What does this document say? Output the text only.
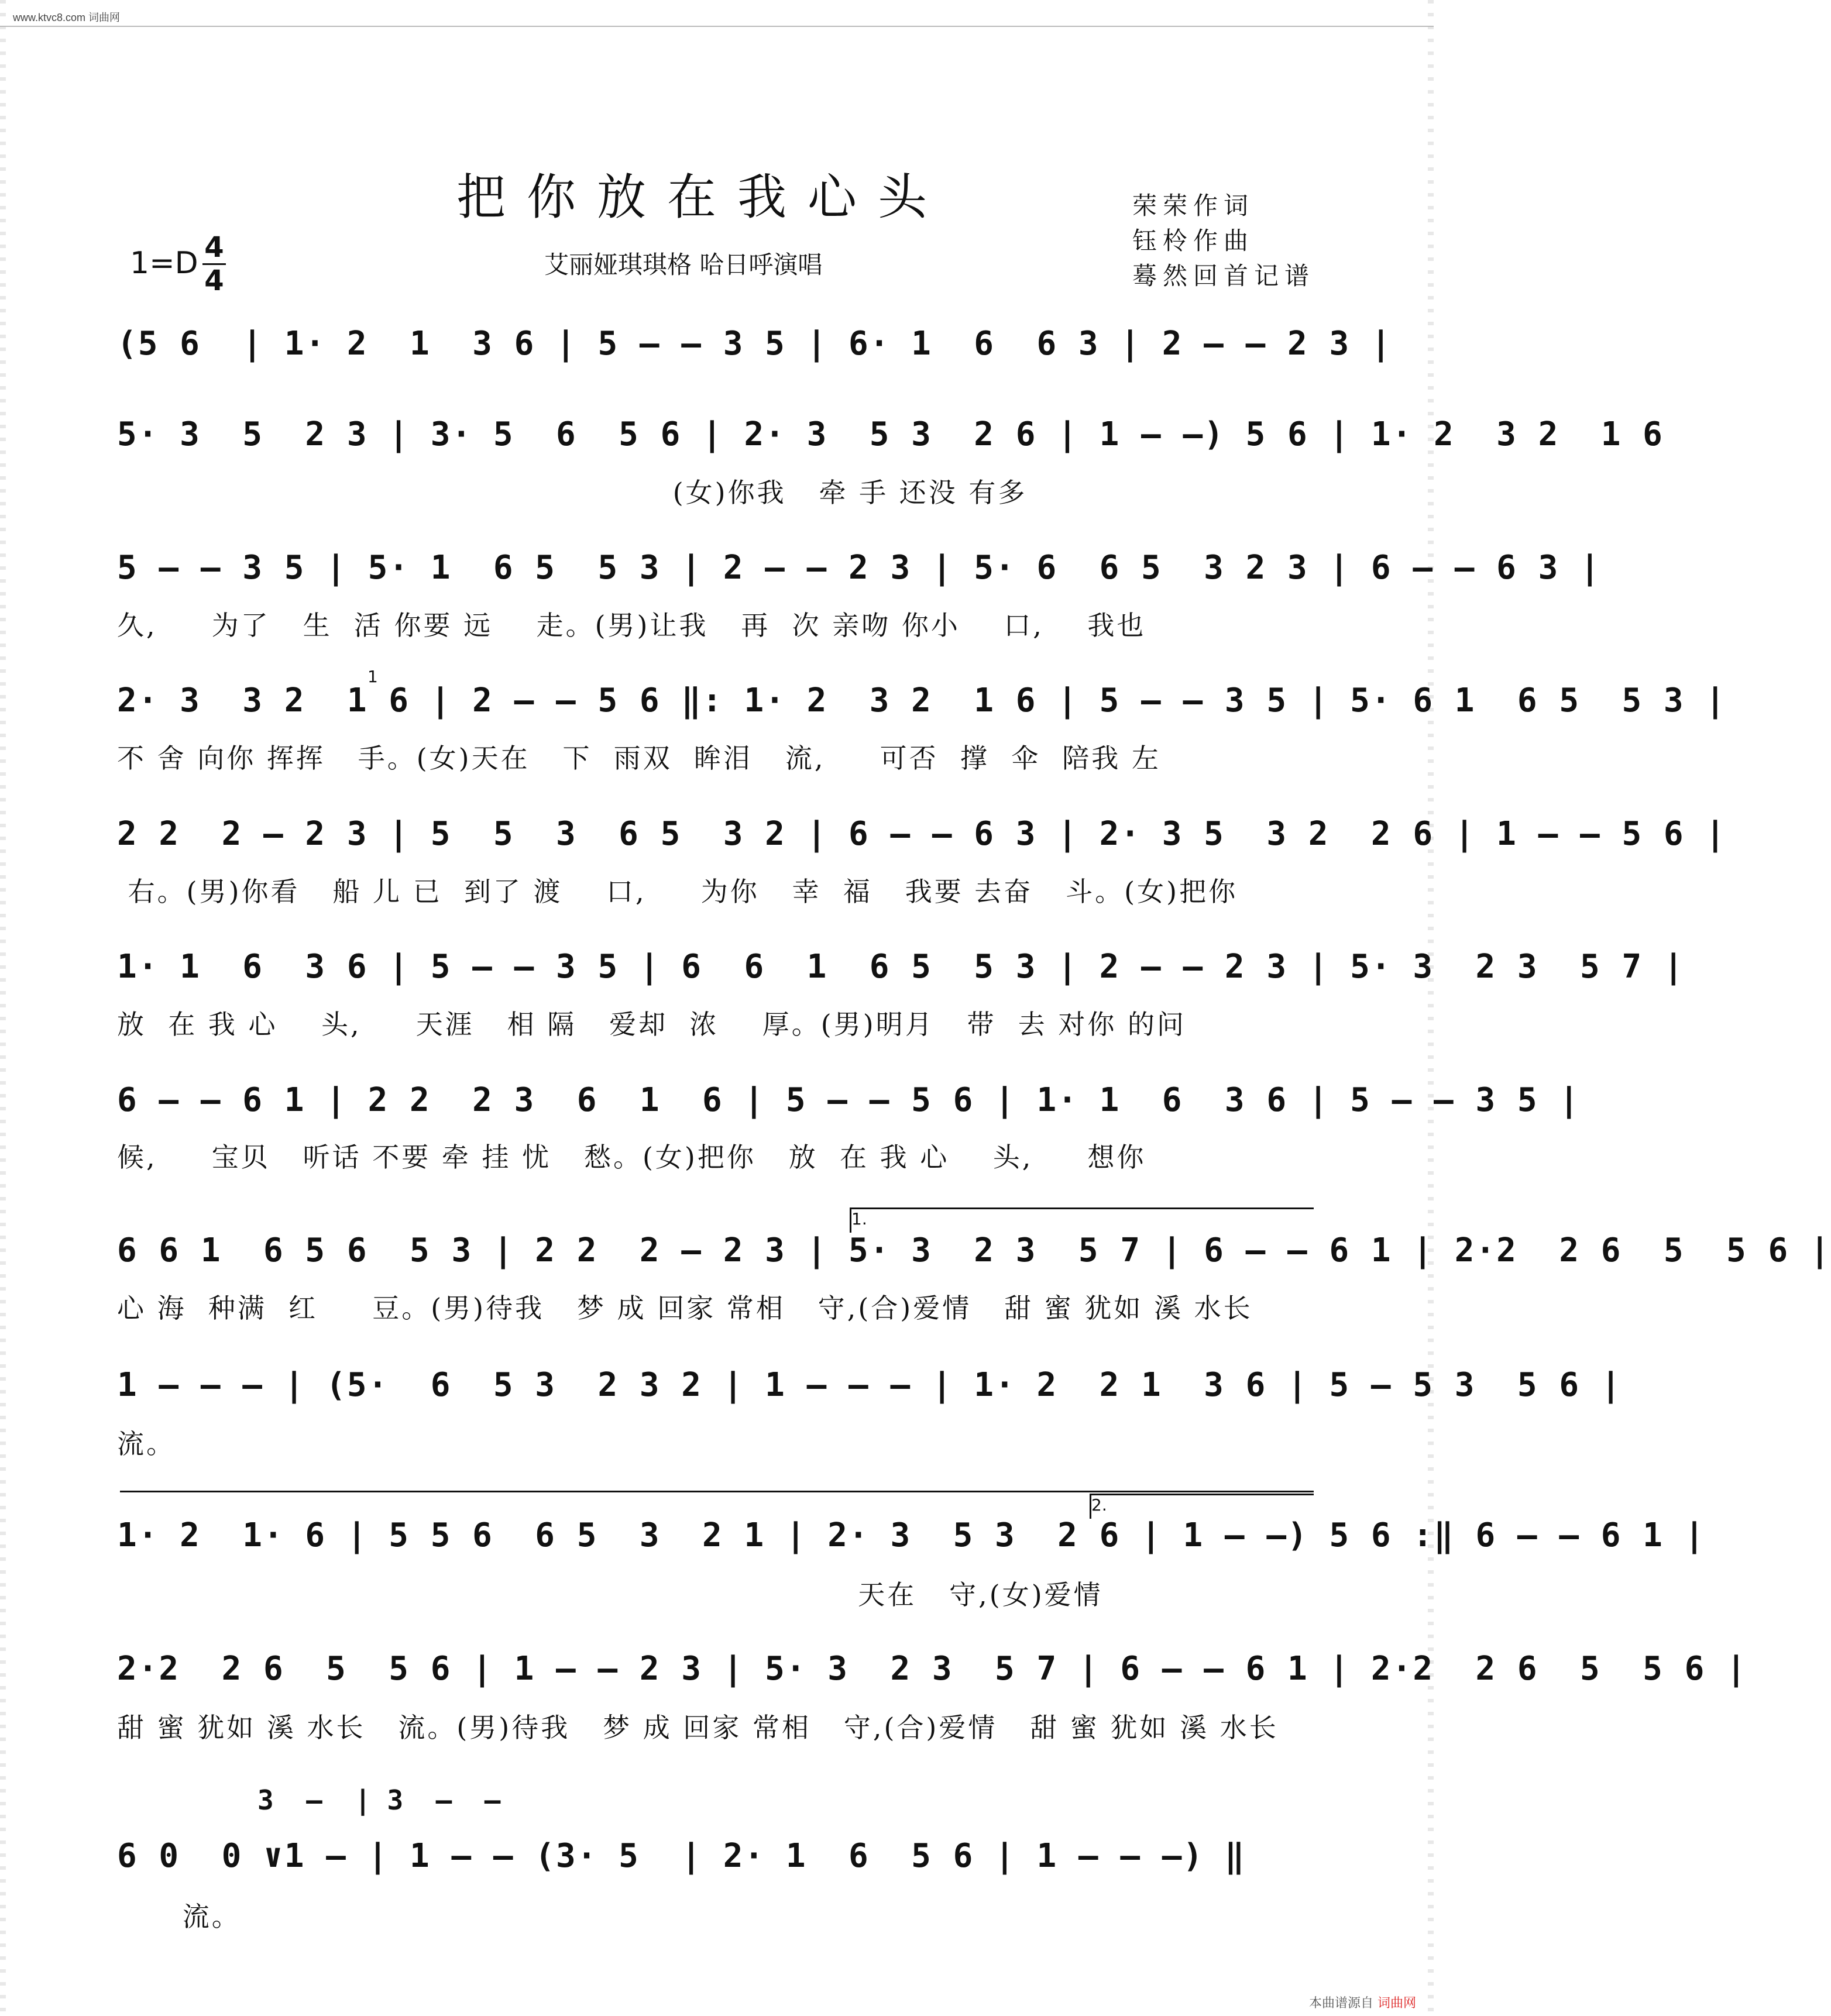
www.ktvc8.com 词曲网
把你放在我心头	荣荣作词
钰柃作曲
蓦然回首记谱
1=D 4
4	艾丽娅琪琪格 哈日呼演唱
(5 6  | 1· 2  1  3 6 | 5 – – 3 5 | 6· 1  6  6 3 | 2 – – 2 3 |
5· 3  5  2 3 | 3· 5  6  5 6 | 2· 3  5 3  2 6 | 1 – –) 5 6 | 1· 2  3 2  1 6
(女)你我   牵 手 还没 有多
5 – – 3 5 | 5· 1  6 5  5 3 | 2 – – 2 3 | 5· 6  6 5  3 2 3 | 6 – – 6 3 |
久,     为了   生  活 你要 远    走。(男)让我   再  次 亲吻 你小    口,    我也
2· 3  3 2  1 6 | 2 – – 5 6 ‖: 1· 2  3 2  1 6 | 5 – – 3 5 | 5· 6 1  6 5  5 3 |
不 舍 向你 挥挥   手。(女)天在   下  雨双  眸泪   流,     可否  撑  伞  陪我 左
1
2 2  2 – 2 3 | 5  5  3  6 5  3 2 | 6 – – 6 3 | 2· 3 5  3 2  2 6 | 1 – – 5 6 |
右。(男)你看   船 儿 已  到了 渡    口,     为你   幸  福   我要 去奋   斗。(女)把你
1· 1  6  3 6 | 5 – – 3 5 | 6  6  1  6 5  5 3 | 2 – – 2 3 | 5· 3  2 3  5 7 |
放  在 我 心    头,     天涯   相 隔   爱却  浓    厚。(男)明月   带  去 对你 的问
6 – – 6 1 | 2 2  2 3  6  1  6 | 5 – – 5 6 | 1· 1  6  3 6 | 5 – – 3 5 |
候,     宝贝   听话 不要 牵 挂 忧   愁。(女)把你   放  在 我 心    头,     想你
1.
6 6 1  6 5 6  5 3 | 2 2  2 – 2 3 | 5· 3  2 3  5 7 | 6 – – 6 1 | 2·2  2 6  5  5 6 |
心 海  种满  红     豆。(男)待我   梦 成 回家 常相   守,(合)爱情   甜 蜜 犹如 溪 水长
1 – – – | (5·  6  5 3  2 3 2 | 1 – – – | 1· 2  2 1  3 6 | 5 – 5 3  5 6 |
流。
2.
1· 2  1· 6 | 5 5 6  6 5  3  2 1 | 2· 3  5 3  2 6 | 1 – –) 5 6 :‖ 6 – – 6 1 |
天在   守,(女)爱情
2·2  2 6  5  5 6 | 1 – – 2 3 | 5· 3  2 3  5 7 | 6 – – 6 1 | 2·2  2 6  5  5 6 |
甜 蜜 犹如 溪 水长   流。(男)待我   梦 成 回家 常相   守,(合)爱情   甜 蜜 犹如 溪 水长
3  –  | 3  –  –
6 0  0 ∨1 – | 1 – – (3· 5  | 2· 1  6  5 6 | 1 – – –) ‖
流。
本曲谱源自 词曲网
